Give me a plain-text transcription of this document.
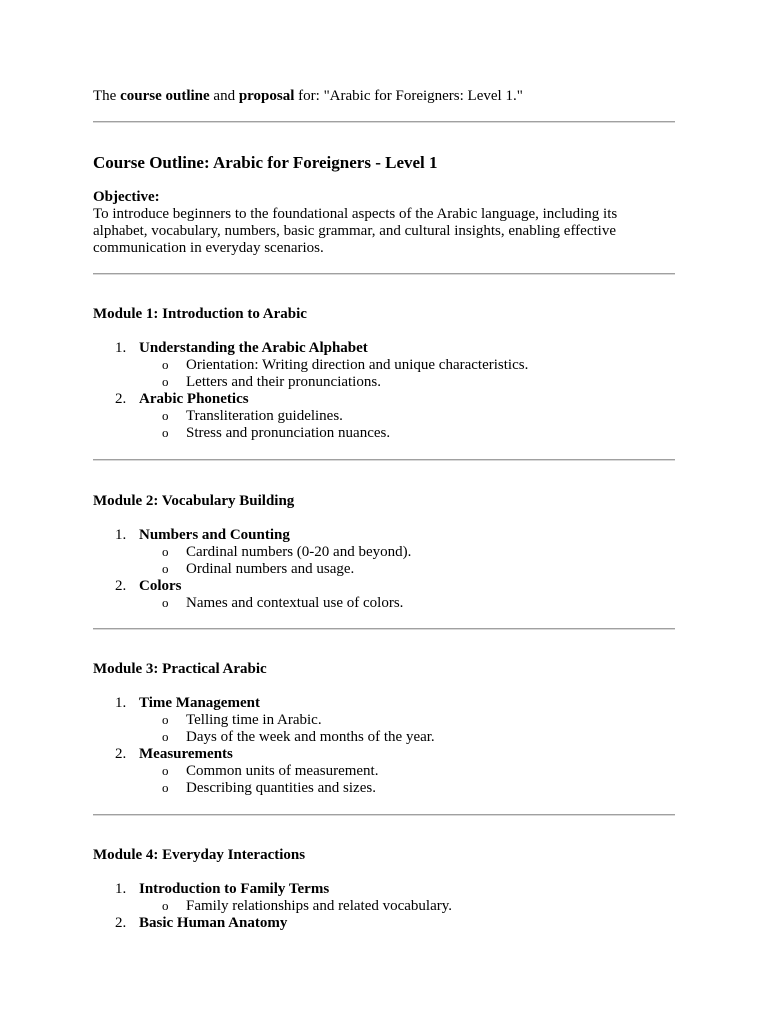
The course outline and proposal for: "Arabic for Foreigners: Level 1."
Course Outline: Arabic for Foreigners - Level 1
Objective:
To introduce beginners to the foundational aspects of the Arabic language, including its alphabet, vocabulary, numbers, basic grammar, and cultural insights, enabling effective communication in everyday scenarios.
Module 1: Introduction to Arabic
1. Understanding the Arabic Alphabet
o Orientation: Writing direction and unique characteristics.
o Letters and their pronunciations.
2. Arabic Phonetics
o Transliteration guidelines.
o Stress and pronunciation nuances.
Module 2: Vocabulary Building
1. Numbers and Counting
o Cardinal numbers (0-20 and beyond).
o Ordinal numbers and usage.
2. Colors
o Names and contextual use of colors.
Module 3: Practical Arabic
1. Time Management
o Telling time in Arabic.
o Days of the week and months of the year.
2. Measurements
o Common units of measurement.
o Describing quantities and sizes.
Module 4: Everyday Interactions
1. Introduction to Family Terms
o Family relationships and related vocabulary.
2. Basic Human Anatomy
